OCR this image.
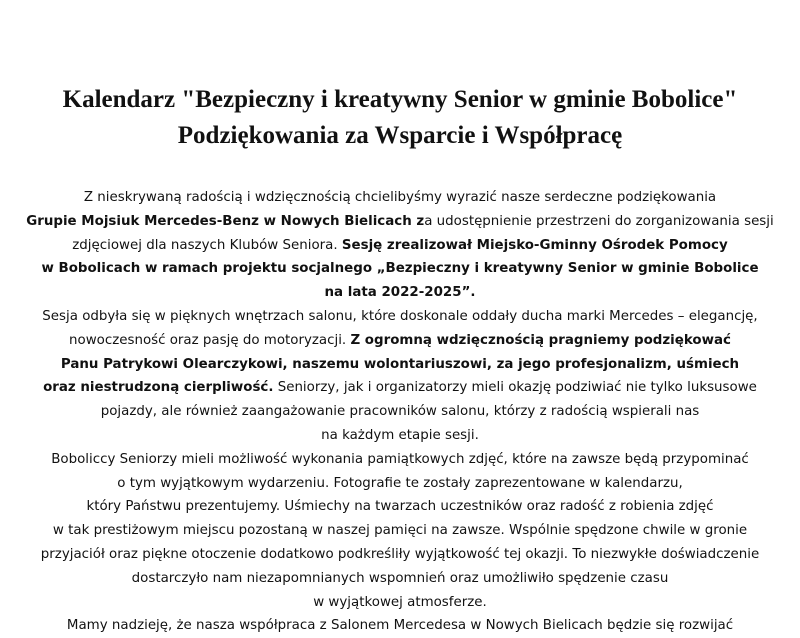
Kalendarz "Bezpieczny i kreatywny Senior w gminie Bobolice"
Podziękowania za Wsparcie i Współpracę
Z nieskrywaną radością i wdzięcznością chcielibyśmy wyrazić nasze serdeczne podziękowania
Grupie Mojsiuk Mercedes-Benz w Nowych Bielicach za udostępnienie przestrzeni do zorganizowania sesji
zdjęciowej dla naszych Klubów Seniora. Sesję zrealizował Miejsko-Gminny Ośrodek Pomocy
w Bobolicach w ramach projektu socjalnego „Bezpieczny i kreatywny Senior w gminie Bobolice
na lata 2022-2025”.
Sesja odbyła się w pięknych wnętrzach salonu, które doskonale oddały ducha marki Mercedes – elegancję,
nowoczesność oraz pasję do motoryzacji. Z ogromną wdzięcznością pragniemy podziękować
Panu Patrykowi Olearczykowi, naszemu wolontariuszowi, za jego profesjonalizm, uśmiech
oraz niestrudzoną cierpliwość. Seniorzy, jak i organizatorzy mieli okazję podziwiać nie tylko luksusowe
pojazdy, ale również zaangażowanie pracowników salonu, którzy z radością wspierali nas
na każdym etapie sesji.
Boboliccy Seniorzy mieli możliwość wykonania pamiątkowych zdjęć, które na zawsze będą przypominać
o tym wyjątkowym wydarzeniu. Fotografie te zostały zaprezentowane w kalendarzu,
który Państwu prezentujemy. Uśmiechy na twarzach uczestników oraz radość z robienia zdjęć
w tak prestiżowym miejscu pozostaną w naszej pamięci na zawsze. Wspólnie spędzone chwile w gronie
przyjaciół oraz piękne otoczenie dodatkowo podkreśliły wyjątkowość tej okazji. To niezwykłe doświadczenie
dostarczyło nam niezapomnianych wspomnień oraz umożliwiło spędzenie czasu
w wyjątkowej atmosferze.
Mamy nadzieję, że nasza współpraca z Salonem Mercedesa w Nowych Bielicach będzie się rozwijać
